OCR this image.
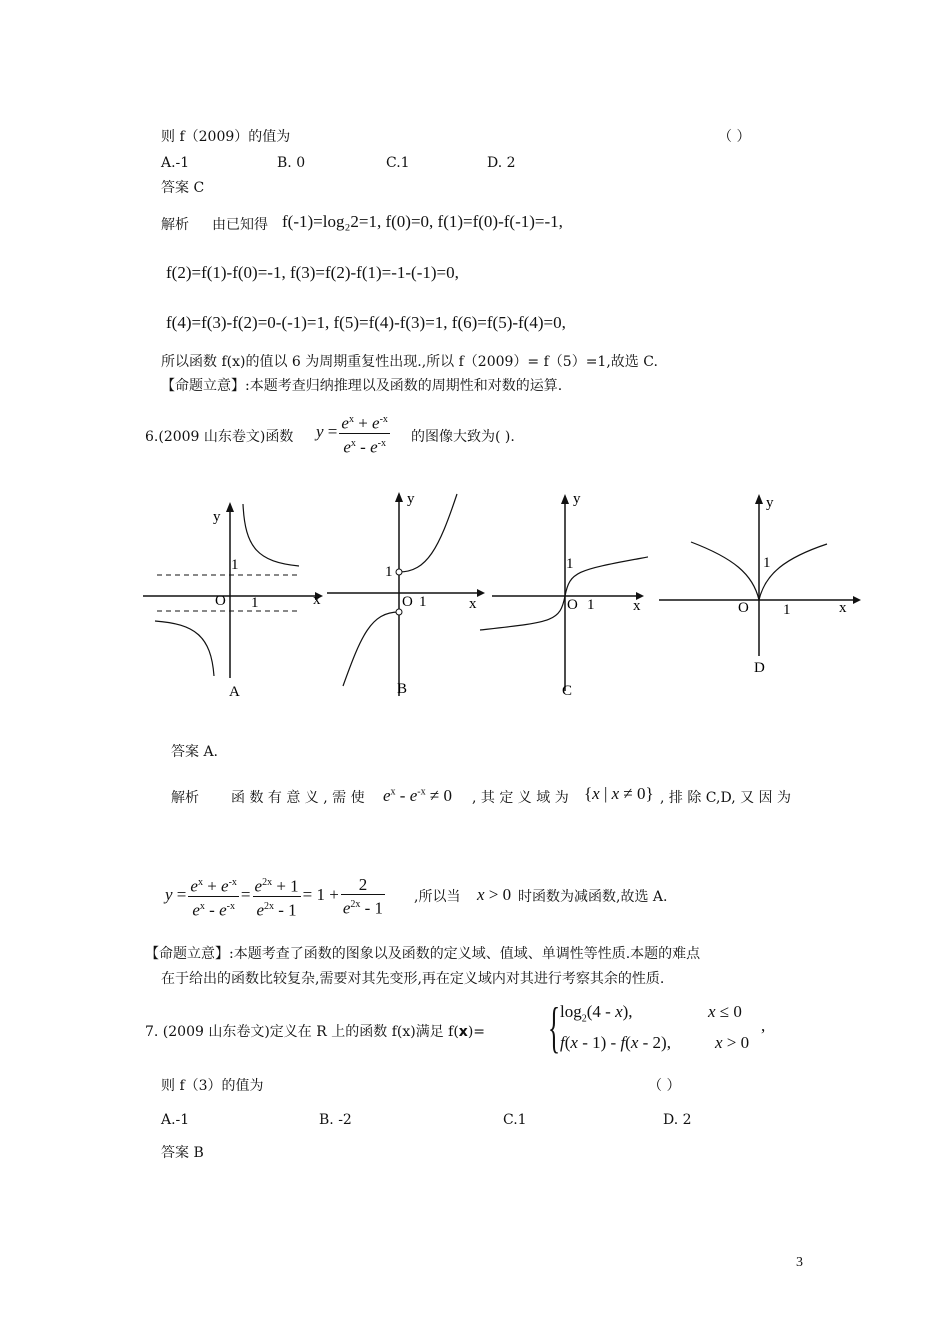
则 f（2009）的值为	（ ）
A.-1	B. 0	C.1	D. 2
答案 C
解析 由已知得 f(-1)=log₂2=1, f(0)=0, f(1)=f(0)-f(-1)=-1,
f(2)=f(1)-f(0)=-1, f(3)=f(2)-f(1)=-1-(-1)=0,
f(4)=f(3)-f(2)=0-(-1)=1, f(5)=f(4)-f(3)=1, f(6)=f(5)-f(4)=0,
所以函数 f(x)的值以 6 为周期重复性出现.,所以 f（2009）= f（5）=1,故选 C.
【命题立意】:本题考查归纳推理以及函数的周期性和对数的运算.
6.(2009 山东卷文)函数 $y = \frac{e^x + e^{-x}}{e^x - e^{-x}}$ 的图像大致为( ).
y
1
O 1	x
A
y
1
O 1	x
B
y
1
O 1	x
C
y
1
O 1	x
D
答案 A.
解析 函 数 有 意 义 , 需 使 $e^x - e^{-x} \ne 0$ , 其 定 义 域 为 {x | x ≠ 0} , 排 除 C,D, 又 因 为
$y = \frac{e^x + e^{-x}}{e^x - e^{-x}} = \frac{e^{2x} + 1}{e^{2x} - 1} = 1 + \frac{2}{e^{2x} - 1}$ ,所以当 x > 0 时函数为减函数,故选 A.
【命题立意】:本题考查了函数的图象以及函数的定义域、值域、单调性等性质.本题的难点
在于给出的函数比较复杂,需要对其先变形,再在定义域内对其进行考察其余的性质.
7. (2009 山东卷文)定义在 R 上的函数 f(x)满足 f(x)= { $\log_2(4 - x)$,	x ≤ 0
f(x - 1) - f(x - 2),	x > 0
,
则 f（3）的值为	（ ）
A.-1	B. -2	C.1	D. 2
答案 B
3
